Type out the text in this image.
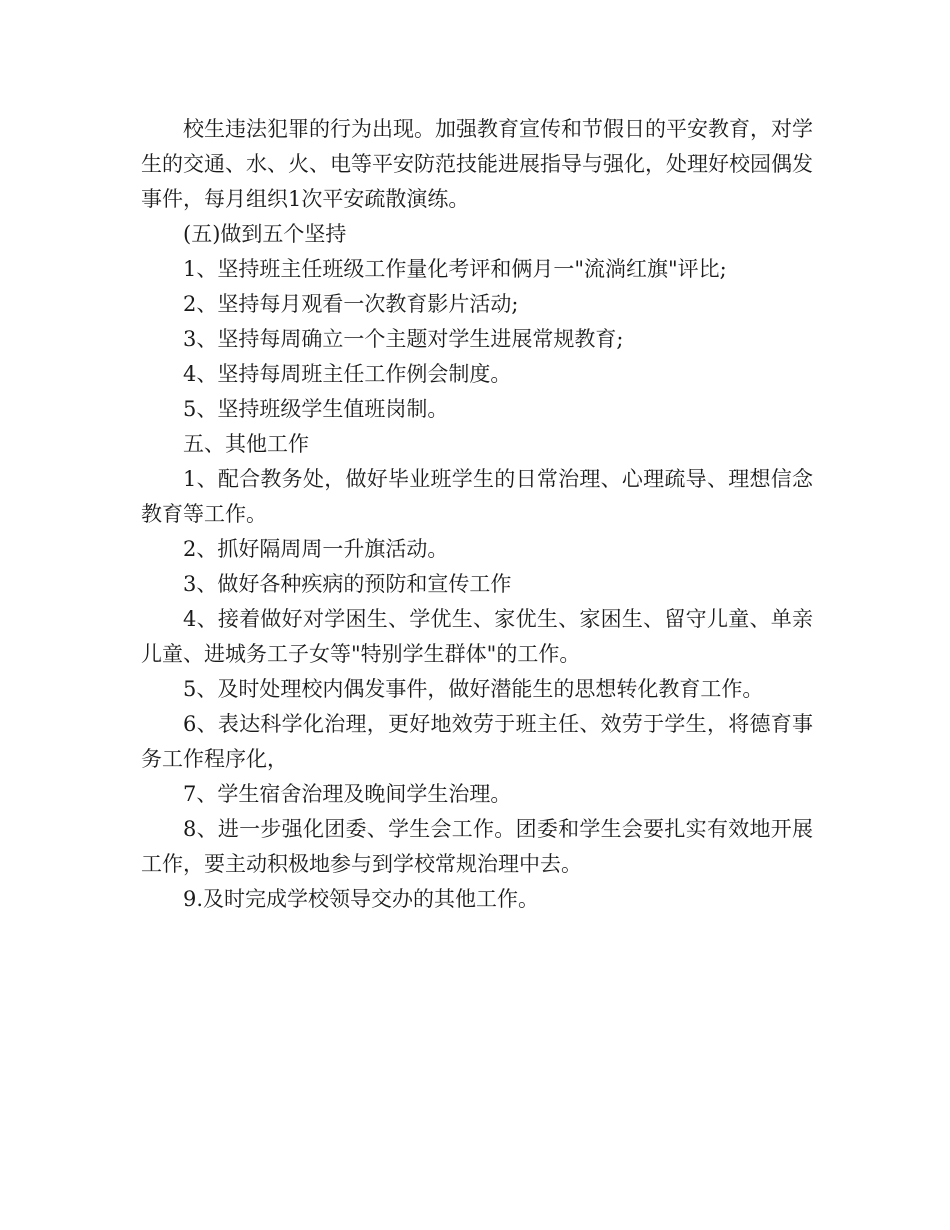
校生违法犯罪的行为出现。加强教育宣传和节假日的平安教育，对学生的交通、水、火、电等平安防范技能进展指导与强化，处理好校园偶发事件，每月组织1次平安疏散演练。

(五)做到五个坚持

1、坚持班主任班级工作量化考评和俩月一"流淌红旗"评比;

2、坚持每月观看一次教育影片活动;

3、坚持每周确立一个主题对学生进展常规教育;

4、坚持每周班主任工作例会制度。

5、坚持班级学生值班岗制。

五、其他工作

1、配合教务处，做好毕业班学生的日常治理、心理疏导、理想信念教育等工作。

2、抓好隔周周一升旗活动。

3、做好各种疾病的预防和宣传工作

4、接着做好对学困生、学优生、家优生、家困生、留守儿童、单亲儿童、进城务工子女等"特别学生群体"的工作。

5、及时处理校内偶发事件，做好潜能生的思想转化教育工作。

6、表达科学化治理，更好地效劳于班主任、效劳于学生，将德育事务工作程序化，

7、学生宿舍治理及晚间学生治理。

8、进一步强化团委、学生会工作。团委和学生会要扎实有效地开展工作，要主动积极地参与到学校常规治理中去。

9.及时完成学校领导交办的其他工作。
